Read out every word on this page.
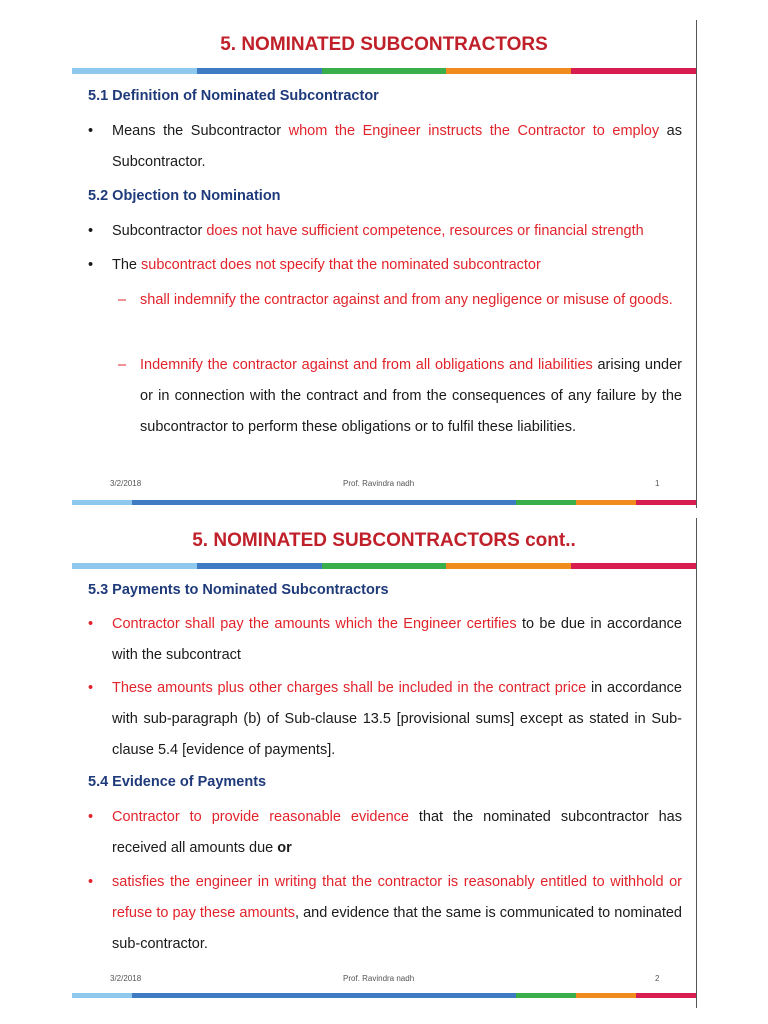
5. NOMINATED SUBCONTRACTORS
5.1 Definition of Nominated Subcontractor
• Means the Subcontractor whom the Engineer instructs the Contractor to employ as Subcontractor.
5.2 Objection to Nomination
• Subcontractor does not have sufficient competence, resources or financial strength
• The subcontract does not specify that the nominated subcontractor
– shall indemnify the contractor against and from any negligence or misuse of goods.
– Indemnify the contractor against and from all obligations and liabilities arising under or in connection with the contract and from the consequences of any failure by the subcontractor to perform these obligations or to fulfil these liabilities.
3/2/2018	Prof. Ravindra nadh	1
5. NOMINATED SUBCONTRACTORS cont..
5.3 Payments to Nominated Subcontractors
• Contractor shall pay the amounts which the Engineer certifies to be due in accordance with the subcontract
• These amounts plus other charges shall be included in the contract price in accordance with sub-paragraph (b) of Sub-clause 13.5 [provisional sums] except as stated in Sub-clause 5.4 [evidence of payments].
5.4 Evidence of Payments
• Contractor to provide reasonable evidence that the nominated subcontractor has received all amounts due or
• satisfies the engineer in writing that the contractor is reasonably entitled to withhold or refuse to pay these amounts, and evidence that the same is communicated to nominated sub-contractor.
3/2/2018	Prof. Ravindra nadh	2
